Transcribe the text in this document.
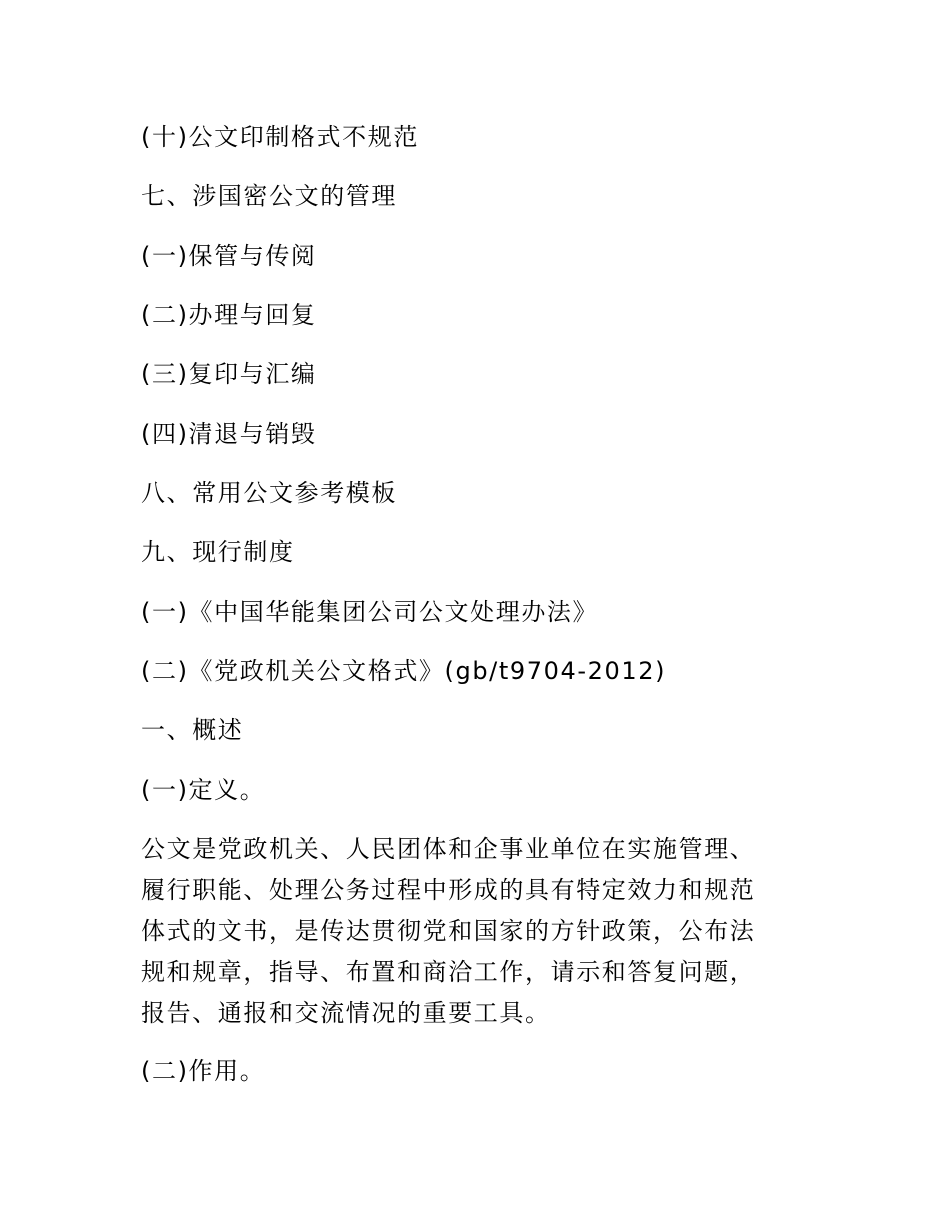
(十)公文印制格式不规范

七、涉国密公文的管理

(一)保管与传阅

(二)办理与回复

(三)复印与汇编

(四)清退与销毁

八、常用公文参考模板

九、现行制度

(一)《中国华能集团公司公文处理办法》

(二)《党政机关公文格式》(gb/t9704-2012)

一、概述

(一)定义。

公文是党政机关、人民团体和企事业单位在实施管理、
履行职能、处理公务过程中形成的具有特定效力和规范
体式的文书，是传达贯彻党和国家的方针政策，公布法
规和规章，指导、布置和商洽工作，请示和答复问题，
报告、通报和交流情况的重要工具。

(二)作用。
